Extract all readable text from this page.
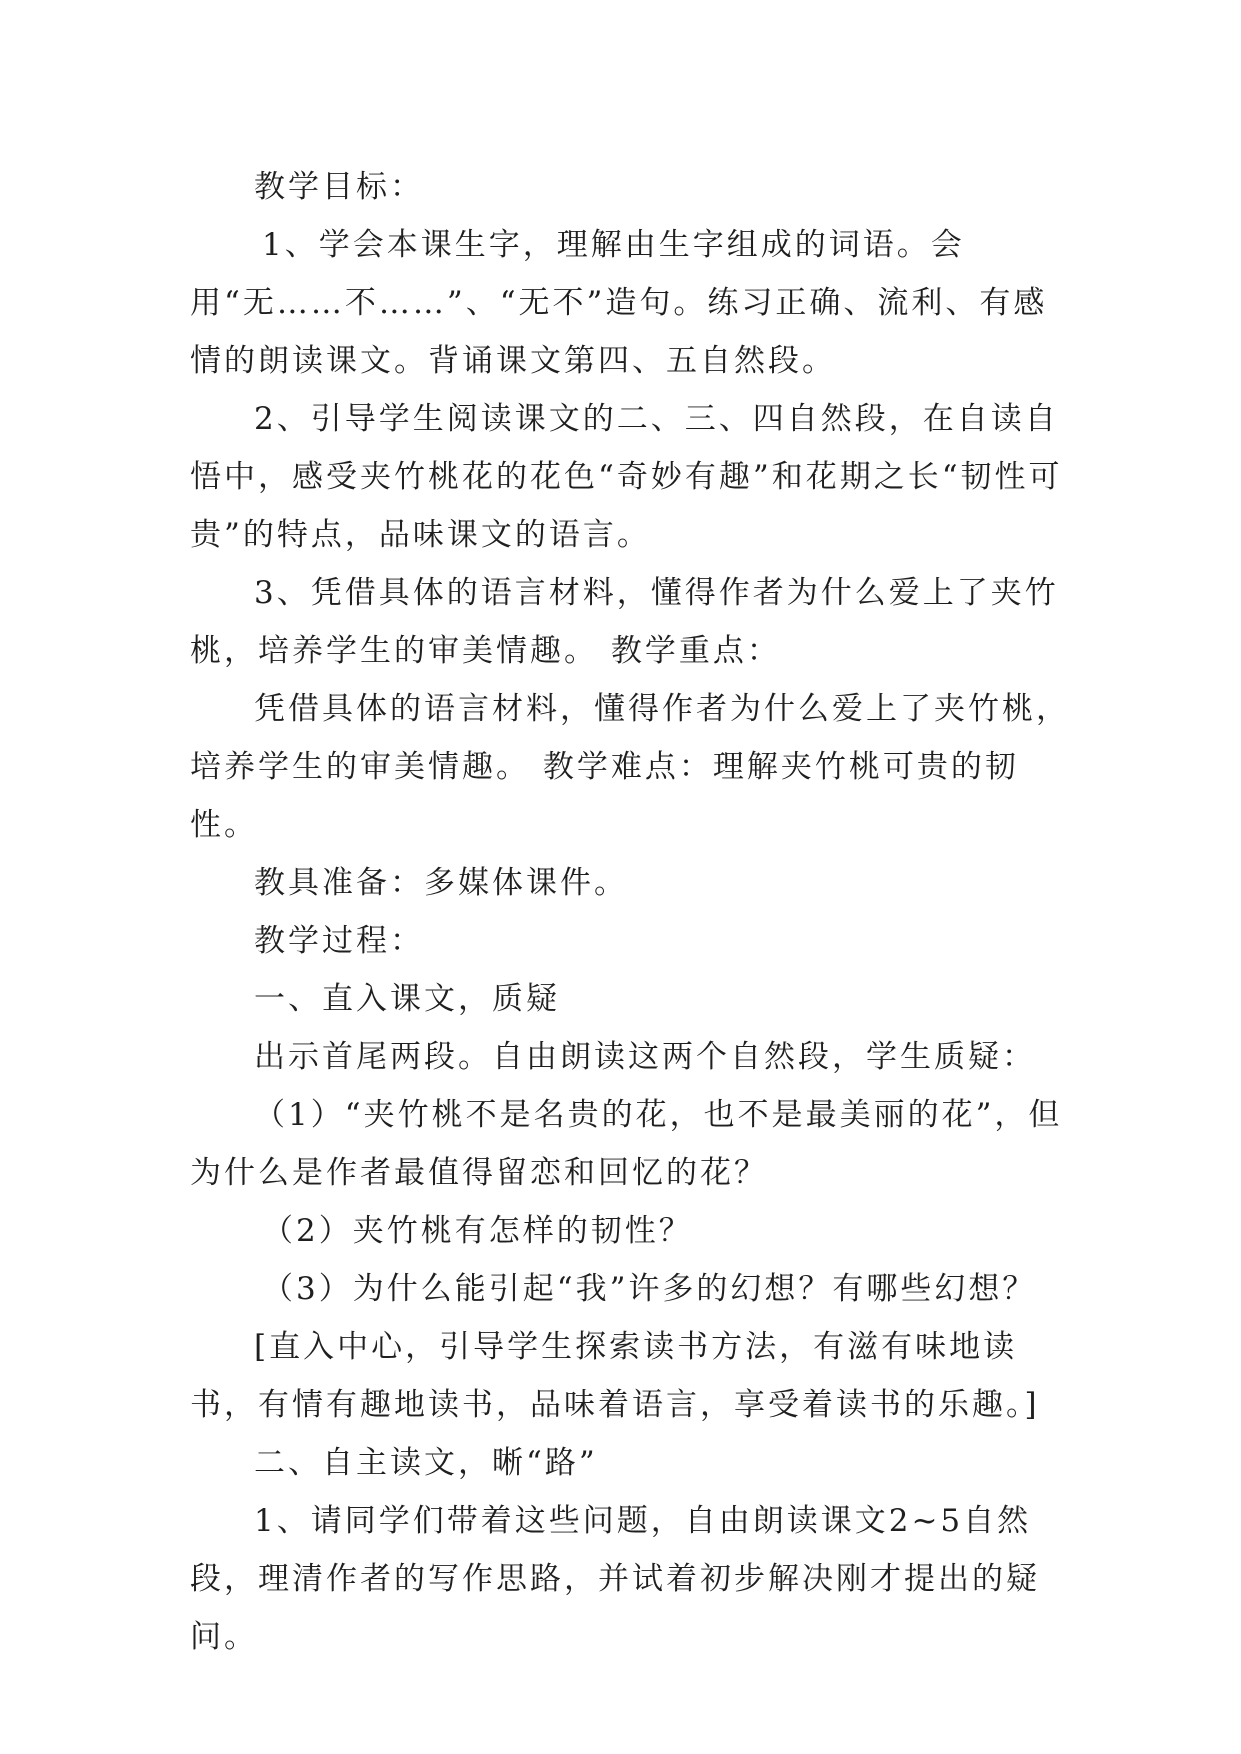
教学目标：

1、学会本课生字，理解由生字组成的词语。会用“无……不……”、“无不”造句。练习正确、流利、有感情的朗读课文。背诵课文第四、五自然段。

2、引导学生阅读课文的二、三、四自然段，在自读自悟中，感受夹竹桃花的花色“奇妙有趣”和花期之长“韧性可贵”的特点，品味课文的语言。

3、凭借具体的语言材料，懂得作者为什么爱上了夹竹桃，培养学生的审美情趣。 教学重点：

凭借具体的语言材料，懂得作者为什么爱上了夹竹桃，培养学生的审美情趣。 教学难点：理解夹竹桃可贵的韧性。

教具准备：多媒体课件。

教学过程：

一、直入课文，质疑

出示首尾两段。自由朗读这两个自然段，学生质疑：

（1）“夹竹桃不是名贵的花，也不是最美丽的花”，但为什么是作者最值得留恋和回忆的花？

（2）夹竹桃有怎样的韧性？

（3）为什么能引起“我”许多的幻想？有哪些幻想？

[直入中心，引导学生探索读书方法，有滋有味地读书，有情有趣地读书，品味着语言，享受着读书的乐趣。]

二、自主读文，晰“路”

1、请同学们带着这些问题，自由朗读课文2~5自然段，理清作者的写作思路，并试着初步解决刚才提出的疑问。
